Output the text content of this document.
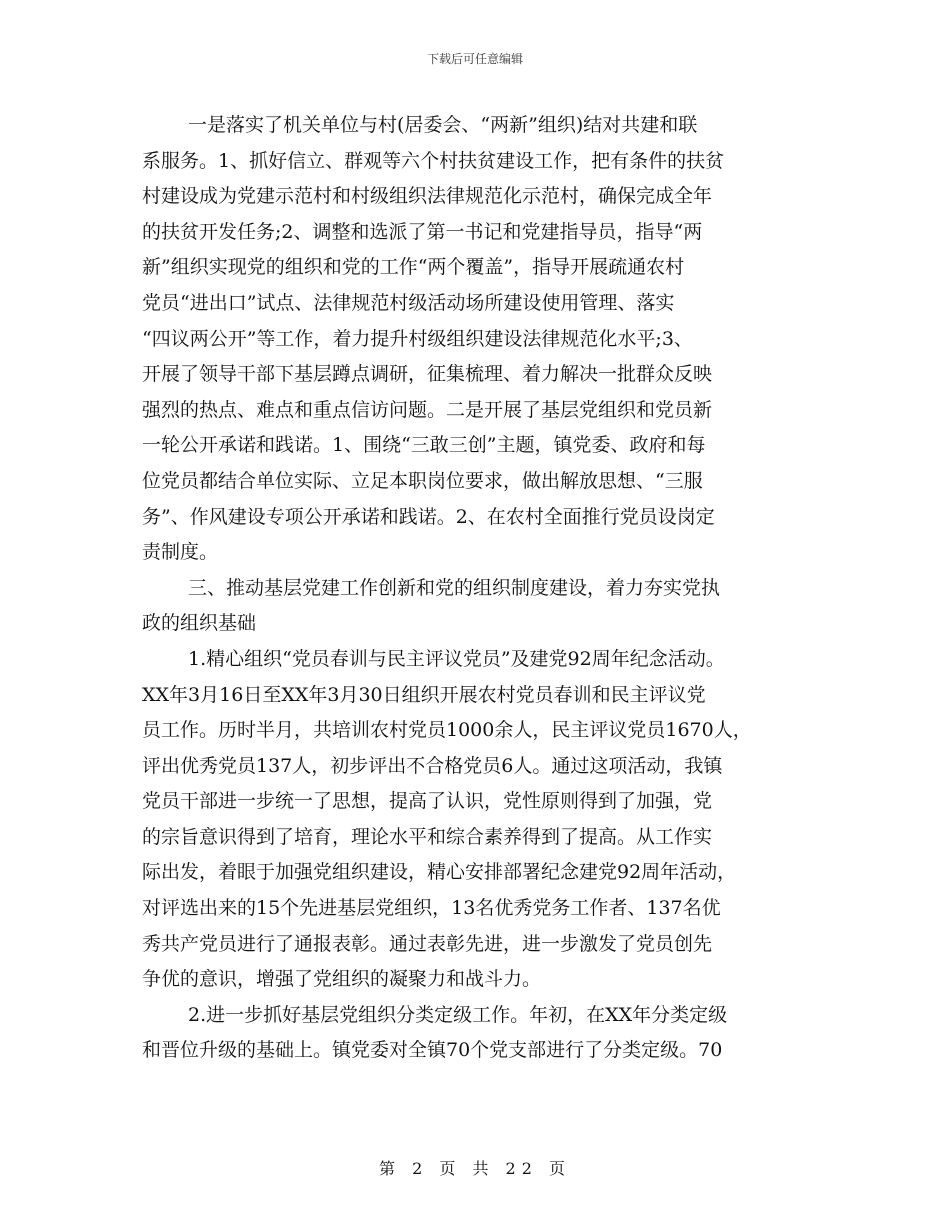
下载后可任意编辑
一是落实了机关单位与村(居委会、“两新”组织)结对共建和联
系服务。1、抓好信立、群观等六个村扶贫建设工作，把有条件的扶贫
村建设成为党建示范村和村级组织法律规范化示范村，确保完成全年
的扶贫开发任务;2、调整和选派了第一书记和党建指导员，指导“两
新”组织实现党的组织和党的工作“两个覆盖”，指导开展疏通农村
党员“进出口”试点、法律规范村级活动场所建设使用管理、落实
“四议两公开”等工作，着力提升村级组织建设法律规范化水平;3、
开展了领导干部下基层蹲点调研，征集梳理、着力解决一批群众反映
强烈的热点、难点和重点信访问题。二是开展了基层党组织和党员新
一轮公开承诺和践诺。1、围绕“三敢三创”主题，镇党委、政府和每
位党员都结合单位实际、立足本职岗位要求，做出解放思想、“三服
务”、作风建设专项公开承诺和践诺。2、在农村全面推行党员设岗定
责制度。
三、推动基层党建工作创新和党的组织制度建设，着力夯实党执
政的组织基础
1.精心组织“党员春训与民主评议党员”及建党92周年纪念活动。
XX年3月16日至XX年3月30日组织开展农村党员春训和民主评议党
员工作。历时半月，共培训农村党员1000余人，民主评议党员1670人，
评出优秀党员137人，初步评出不合格党员6人。通过这项活动，我镇
党员干部进一步统一了思想，提高了认识，党性原则得到了加强，党
的宗旨意识得到了培育，理论水平和综合素养得到了提高。从工作实
际出发，着眼于加强党组织建设，精心安排部署纪念建党92周年活动，
对评选出来的15个先进基层党组织，13名优秀党务工作者、137名优
秀共产党员进行了通报表彰。通过表彰先进，进一步激发了党员创先
争优的意识，增强了党组织的凝聚力和战斗力。
2.进一步抓好基层党组织分类定级工作。年初，在XX年分类定级
和晋位升级的基础上。镇党委对全镇70个党支部进行了分类定级。70
第 2 页 共 22 页
